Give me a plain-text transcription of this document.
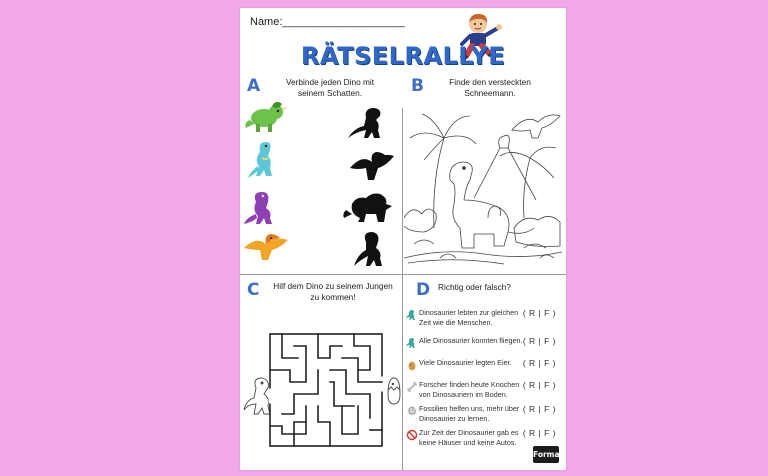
Name:____________________
RÄTSELRALLYE
A	Verbinde jeden Dino mit
seinem Schatten.	B	Finde den versteckten
Schneemann.
C	Hilf dem Dino zu seinem Jungen
zu kommen!	D Richtig oder falsch?
Dinosaurier lebten zur gleichen
Zeit wie die Menschen.
( R | F )
Alle Dinosaurier konnten fliegen. ( R | F )
Viele Dinosaurier legten Eier.	( R | F )
Forscher finden heute Knochen
von Dinosauriern im Boden.
( R | F )
Fossilien helfen uns, mehr über
Dinosaurier zu lernen.
( R | F )
Zur Zeit der Dinosaurier gab es
keine Häuser und keine Autos.
( R | F )
Formati
